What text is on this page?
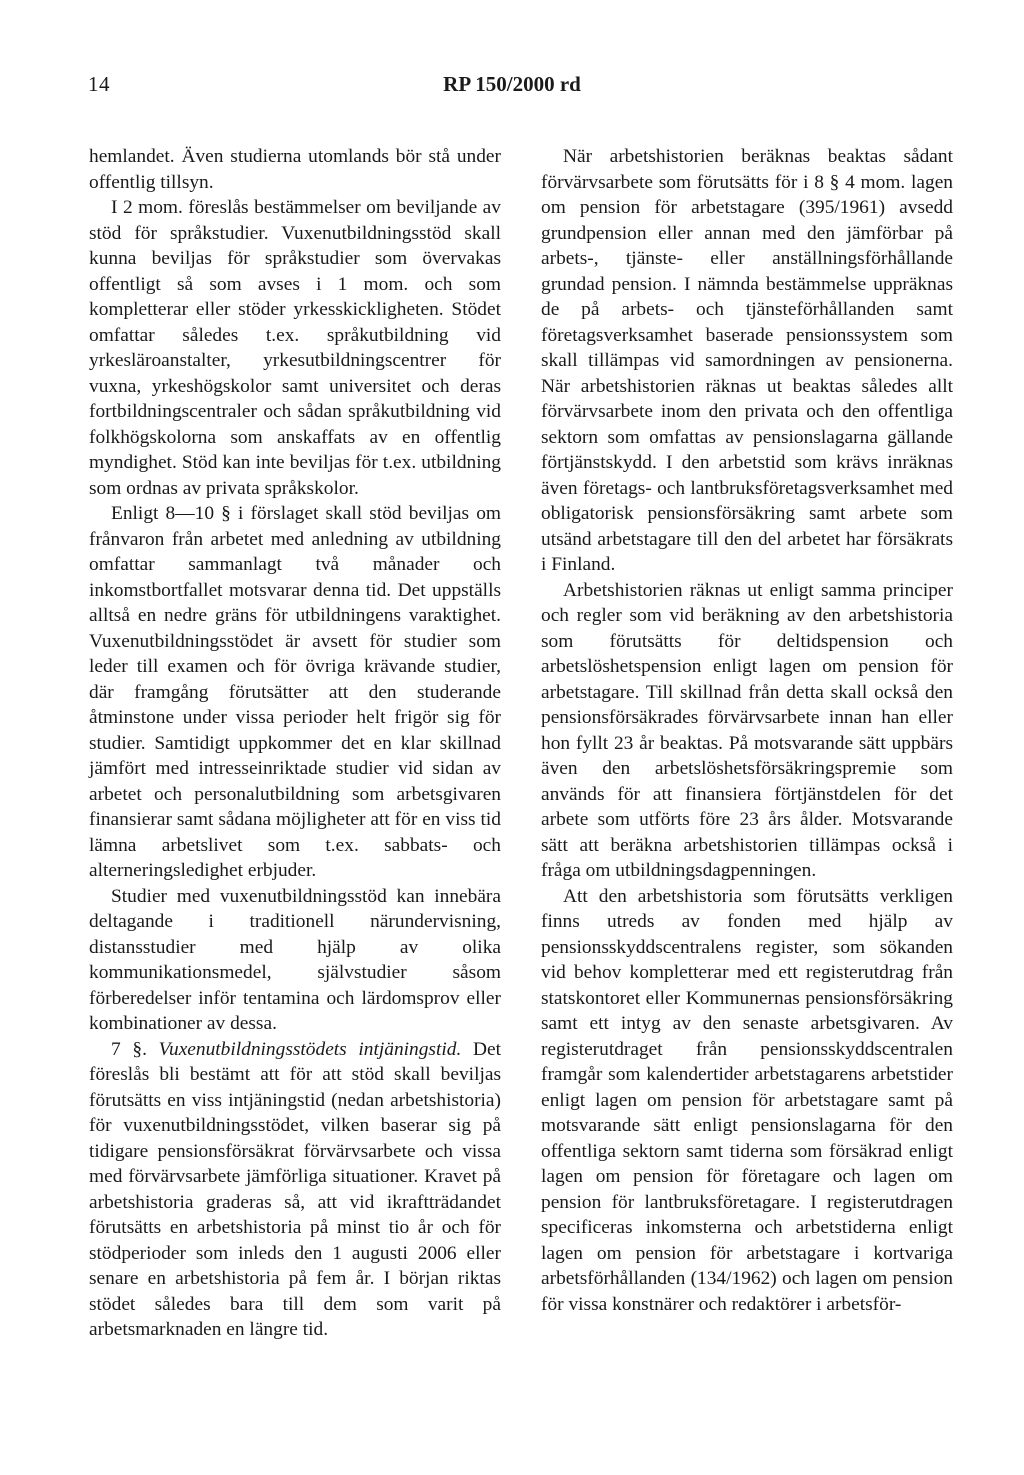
14	RP 150/2000 rd

hemlandet. Även studierna utomlands bör stå under offentlig tillsyn.

I 2 mom. föreslås bestämmelser om beviljande av stöd för språkstudier. Vuxenutbildningsstöd skall kunna beviljas för språkstudier som övervakas offentligt så som avses i 1 mom. och som kompletterar eller stöder yrkesskickligheten. Stödet omfattar således t.ex. språkutbildning vid yrkesläroanstalter, yrkesutbildningscentrer för vuxna, yrkeshögskolor samt universitet och deras fortbildningscentraler och sådan språkutbildning vid folkhögskolorna som anskaffats av en offentlig myndighet. Stöd kan inte beviljas för t.ex. utbildning som ordnas av privata språkskolor.

Enligt 8—10 § i förslaget skall stöd beviljas om frånvaron från arbetet med anledning av utbildning omfattar sammanlagt två månader och inkomstbortfallet motsvarar denna tid. Det uppställs alltså en nedre gräns för utbildningens varaktighet. Vuxenutbildningsstödet är avsett för studier som leder till examen och för övriga krävande studier, där framgång förutsätter att den studerande åtminstone under vissa perioder helt frigör sig för studier. Samtidigt uppkommer det en klar skillnad jämfört med intresseinriktade studier vid sidan av arbetet och personalutbildning som arbetsgivaren finansierar samt sådana möjligheter att för en viss tid lämna arbetslivet som t.ex. sabbats- och alterneringsledighet erbjuder.

Studier med vuxenutbildningsstöd kan innebära deltagande i traditionell närundervisning, distansstudier med hjälp av olika kommunikationsmedel, självstudier såsom förberedelser inför tentamina och lärdomsprov eller kombinationer av dessa.

7 §. Vuxenutbildningsstödets intjäningstid. Det föreslås bli bestämt att för att stöd skall beviljas förutsätts en viss intjäningstid (nedan arbetshistoria) för vuxenutbildningsstödet, vilken baserar sig på tidigare pensionsförsäkrat förvärvsarbete och vissa med förvärvsarbete jämförliga situationer. Kravet på arbetshistoria graderas så, att vid ikraftträdandet förutsätts en arbetshistoria på minst tio år och för stödperioder som inleds den 1 augusti 2006 eller senare en arbetshistoria på fem år. I början riktas stödet således bara till dem som varit på arbetsmarknaden en längre tid.

När arbetshistorien beräknas beaktas sådant förvärvsarbete som förutsätts för i 8 § 4 mom. lagen om pension för arbetstagare (395/1961) avsedd grundpension eller annan med den jämförbar på arbets-, tjänste- eller anställningsförhållande grundad pension. I nämnda bestämmelse uppräknas de på arbets- och tjänsteförhållanden samt företagsverksamhet baserade pensionssystem som skall tillämpas vid samordningen av pensionerna. När arbetshistorien räknas ut beaktas således allt förvärvsarbete inom den privata och den offentliga sektorn som omfattas av pensionslagarna gällande förtjänstskydd. I den arbetstid som krävs inräknas även företags- och lantbruksföretagsverksamhet med obligatorisk pensionsförsäkring samt arbete som utsänd arbetstagare till den del arbetet har försäkrats i Finland.

Arbetshistorien räknas ut enligt samma principer och regler som vid beräkning av den arbetshistoria som förutsätts för deltidspension och arbetslöshetspension enligt lagen om pension för arbetstagare. Till skillnad från detta skall också den pensionsförsäkrades förvärvsarbete innan han eller hon fyllt 23 år beaktas. På motsvarande sätt uppbärs även den arbetslöshetsförsäkringspremie som används för att finansiera förtjänstdelen för det arbete som utförts före 23 års ålder. Motsvarande sätt att beräkna arbetshistorien tillämpas också i fråga om utbildningsdagpenningen.

Att den arbetshistoria som förutsätts verkligen finns utreds av fonden med hjälp av pensionsskyddscentralens register, som sökanden vid behov kompletterar med ett registerutdrag från statskontoret eller Kommunernas pensionsförsäkring samt ett intyg av den senaste arbetsgivaren. Av registerutdraget från pensionsskyddscentralen framgår som kalendertider arbetstagarens arbetstider enligt lagen om pension för arbetstagare samt på motsvarande sätt enligt pensionslagarna för den offentliga sektorn samt tiderna som försäkrad enligt lagen om pension för företagare och lagen om pension för lantbruksföretagare. I registerutdragen specificeras inkomsterna och arbetstiderna enligt lagen om pension för arbetstagare i kortvariga arbetsförhållanden (134/1962) och lagen om pension för vissa konstnärer och redaktörer i arbetsför-
